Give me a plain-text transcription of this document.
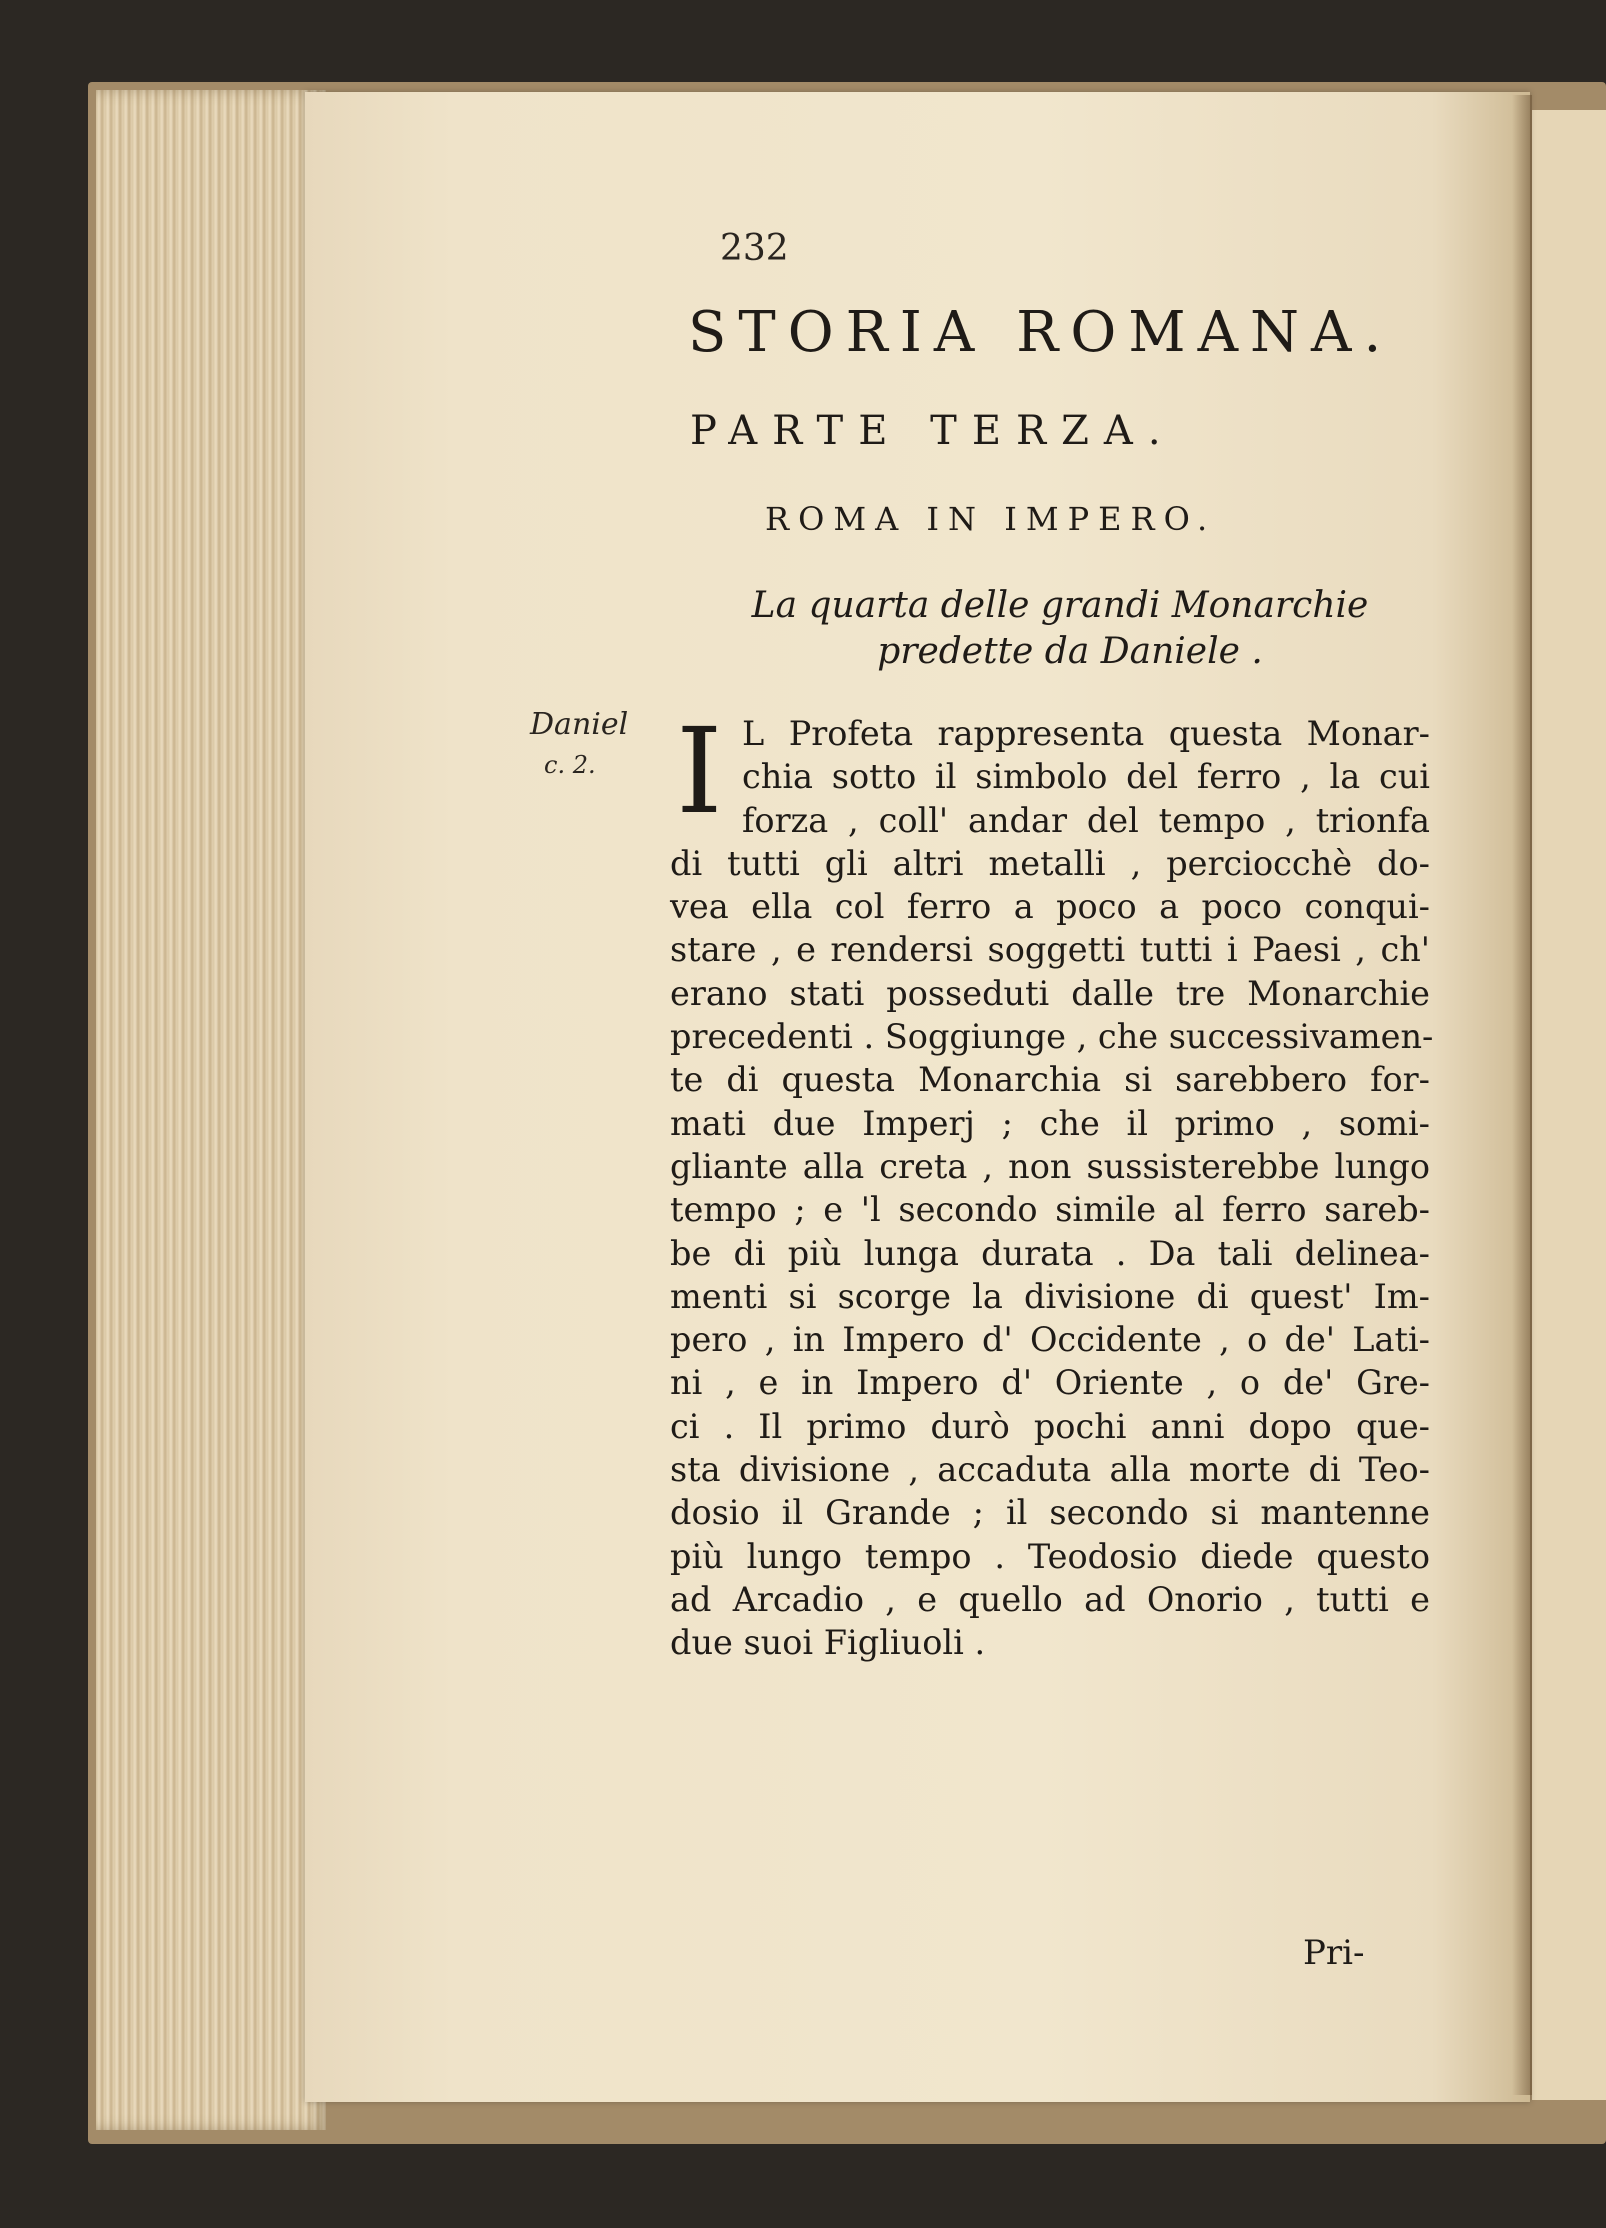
232
STORIA ROMANA.
PARTE TERZA.
ROMA IN IMPERO.
La quarta delle grandi Monarchie
predette da Daniele .
Daniel
c. 2. I L Profeta rappresenta questa Monar-
chia sotto il simbolo del ferro , la cui
forza , coll' andar del tempo , trionfa
di tutti gli altri metalli , perciocchè do-
vea ella col ferro a poco a poco conqui-
stare , e rendersi soggetti tutti i Paesi , ch'
erano stati posseduti dalle tre Monarchie
precedenti . Soggiunge , che successivamen-
te di questa Monarchia si sarebbero for-
mati due Imperj ; che il primo , somi-
gliante alla creta , non sussisterebbe lungo
tempo ; e 'l secondo simile al ferro sareb-
be di più lunga durata . Da tali delinea-
menti si scorge la divisione di quest' Im-
pero , in Impero d' Occidente , o de' Lati-
ni , e in Impero d' Oriente , o de' Gre-
ci . Il primo durò pochi anni dopo que-
sta divisione , accaduta alla morte di Teo-
dosio il Grande ; il secondo si mantenne
più lungo tempo . Teodosio diede questo
ad Arcadio , e quello ad Onorio , tutti e
due suoi Figliuoli .
Pri-
